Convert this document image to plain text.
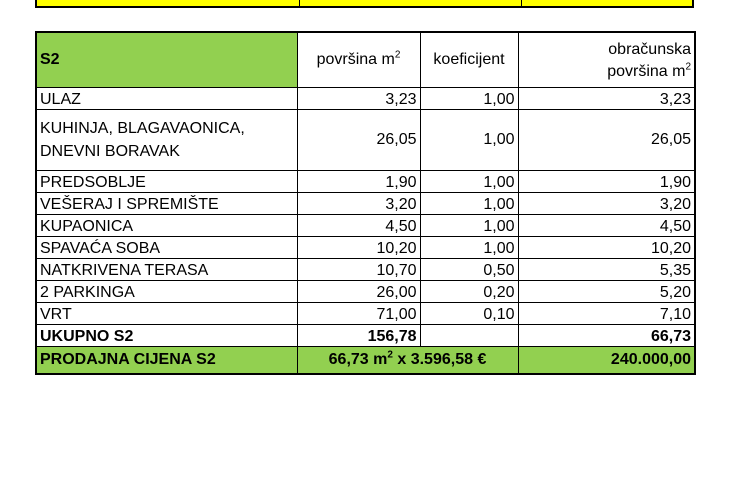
S2	površina $m^2$	koeficijent	obračunska
površina $m^2$
ULAZ	3,23	1,00	3,23
KUHINJA, BLAGAVAONICA,
DNEVNI BORAVAK	26,05	1,00	26,05
PREDSOBLJE	1,90	1,00	1,90
VEŠERAJ I SPREMIŠTE	3,20	1,00	3,20
KUPAONICA	4,50	1,00	4,50
SPAVAĆA SOBA	10,20	1,00	10,20
NATKRIVENA TERASA	10,70	0,50	5,35
2 PARKINGA	26,00	0,20	5,20
VRT	71,00	0,10	7,10
UKUPNO S2	156,78		66,73
PRODAJNA CIJENA S2	66,73 $m^2$ x 3.596,58 €		240.000,00
